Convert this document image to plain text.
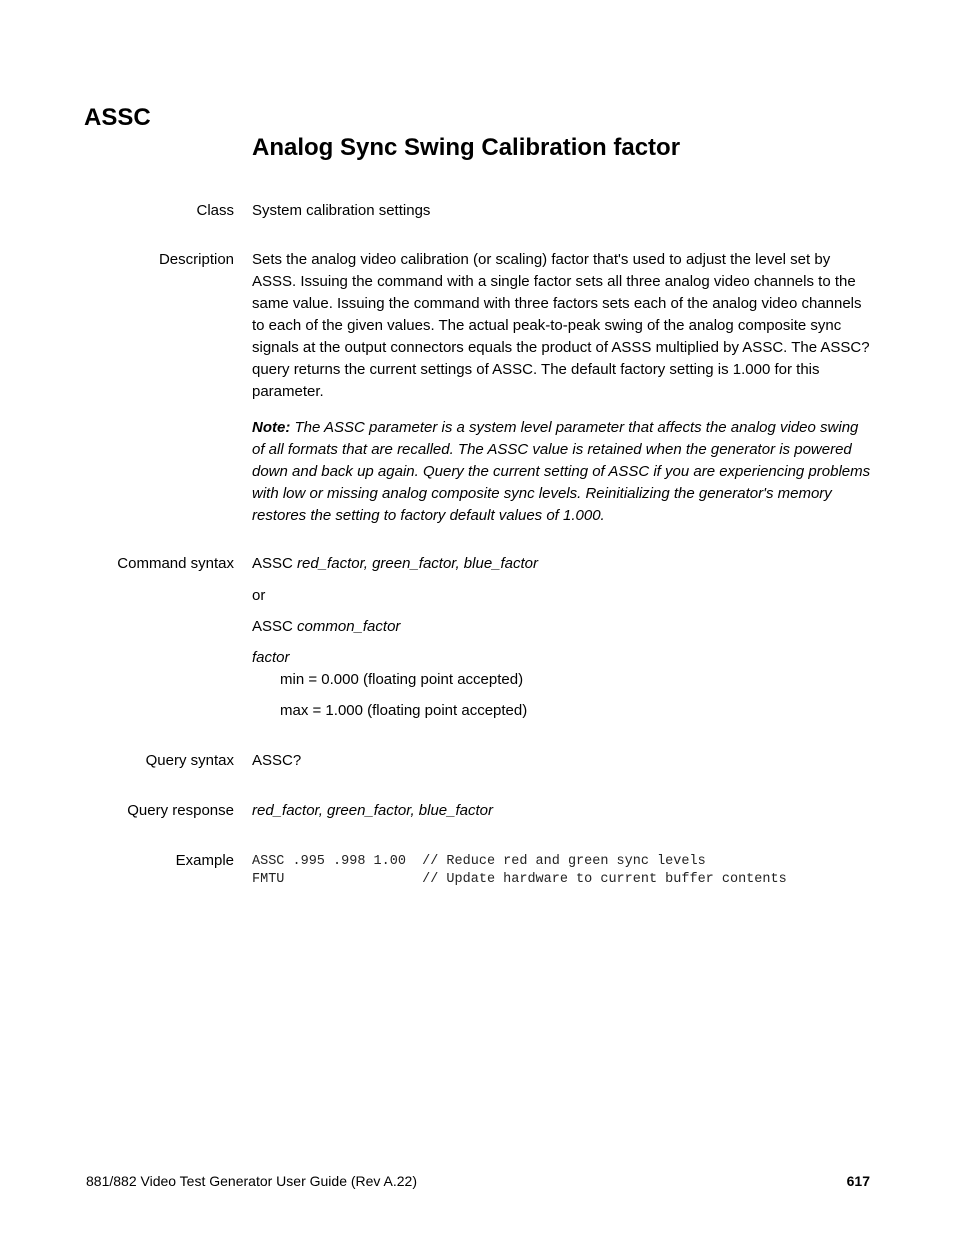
ASSC
Analog Sync Swing Calibration factor
Class System calibration settings
Description Sets the analog video calibration (or scaling) factor that's used to adjust the level set by ASSS. Issuing the command with a single factor sets all three analog video channels to the same value. Issuing the command with three factors sets each of the analog video channels to each of the given values. The actual peak-to-peak swing of the analog composite sync signals at the output connectors equals the product of ASSS multiplied by ASSC. The ASSC? query returns the current settings of ASSC. The default factory setting is 1.000 for this parameter.

Note: The ASSC parameter is a system level parameter that affects the analog video swing of all formats that are recalled. The ASSC value is retained when the generator is powered down and back up again. Query the current setting of ASSC if you are experiencing problems with low or missing analog composite sync levels. Reinitializing the generator's memory restores the setting to factory default values of 1.000.

Command syntax ASSC red_factor, green_factor, blue_factor
or
ASSC common_factor
factor
min = 0.000 (floating point accepted)
max = 1.000 (floating point accepted)
Query syntax ASSC?
Query response red_factor, green_factor, blue_factor
Example ASSC .995 .998 1.00  // Reduce red and green sync levels
FMTU                 // Update hardware to current buffer contents
881/882 Video Test Generator User Guide (Rev A.22)	617
